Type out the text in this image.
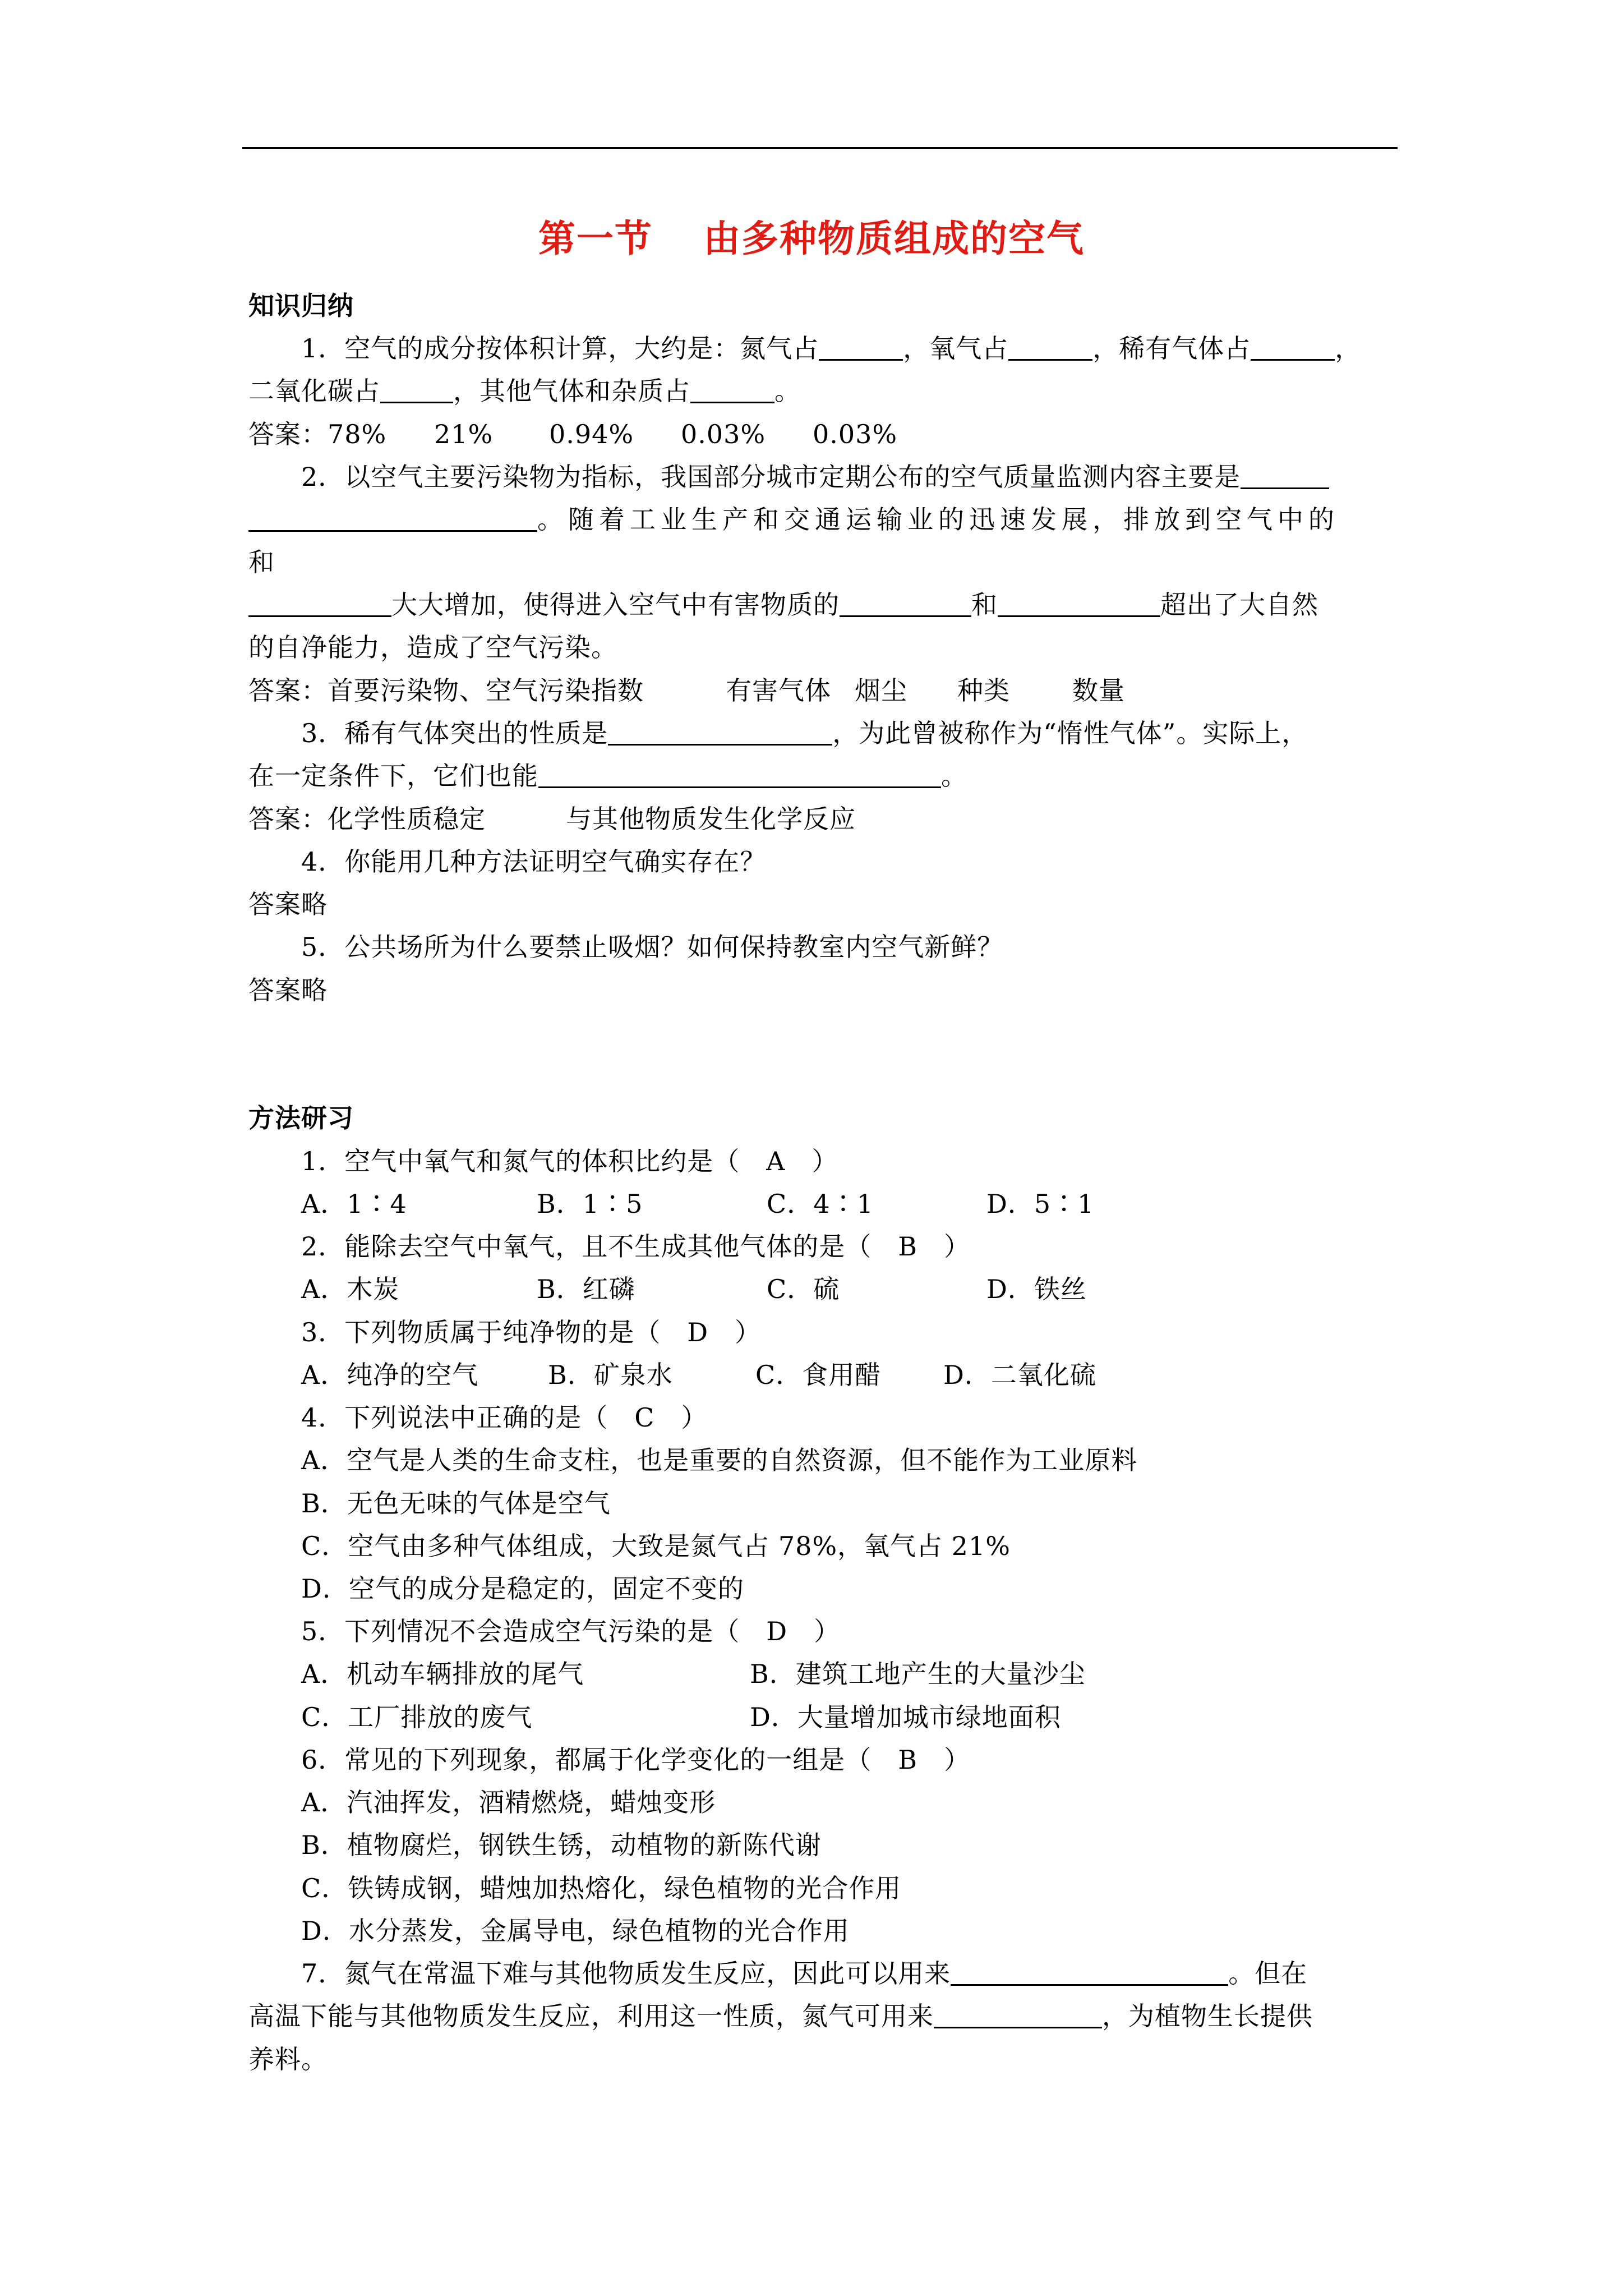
第一节 由多种物质组成的空气
知识归纳
1．空气的成分按体积计算，大约是：氮气占	，氧气占	，稀有气体占	，
二氧化碳占	，其他气体和杂质占	。
答案：78% 21% 0.94% 0.03% 0.03%
2．以空气主要污染物为指标，我国部分城市定期公布的空气质量监测内容主要是
。随着工业生产和交通运输业的迅速发展，排放到空气中的
和
大大增加，使得进入空气中有害物质的	和	超出了大自然
的自净能力，造成了空气污染。
答案：首要污染物、空气污染指数	有害气体 烟尘 种类 数量
3．稀有气体突出的性质是	，为此曾被称作为“惰性气体”。实际上，
在一定条件下，它们也能	。
答案：化学性质稳定	与其他物质发生化学反应
4．你能用几种方法证明空气确实存在？
答案略
5．公共场所为什么要禁止吸烟？如何保持教室内空气新鲜？
答案略
方法研习
1．空气中氧气和氮气的体积比约是（　A　）
A．1∶4	B．1∶5	C．4∶1	D．5∶1
2．能除去空气中氧气，且不生成其他气体的是（　B　）
A．木炭	B．红磷	C．硫	D．铁丝
3．下列物质属于纯净物的是（　D　）
A．纯净的空气	B．矿泉水	C．食用醋 D．二氧化硫
4．下列说法中正确的是（　C　）
A．空气是人类的生命支柱，也是重要的自然资源，但不能作为工业原料
B．无色无味的气体是空气
C．空气由多种气体组成，大致是氮气占 78%，氧气占 21%
D．空气的成分是稳定的，固定不变的
5．下列情况不会造成空气污染的是（　D　）
A．机动车辆排放的尾气	B．建筑工地产生的大量沙尘
C．工厂排放的废气	D．大量增加城市绿地面积
6．常见的下列现象，都属于化学变化的一组是（　B　）
A．汽油挥发，酒精燃烧，蜡烛变形
B．植物腐烂，钢铁生锈，动植物的新陈代谢
C．铁铸成钢，蜡烛加热熔化，绿色植物的光合作用
D．水分蒸发，金属导电，绿色植物的光合作用
7．氮气在常温下难与其他物质发生反应，因此可以用来	。但在
高温下能与其他物质发生反应，利用这一性质，氮气可用来	，为植物生长提供
养料。
